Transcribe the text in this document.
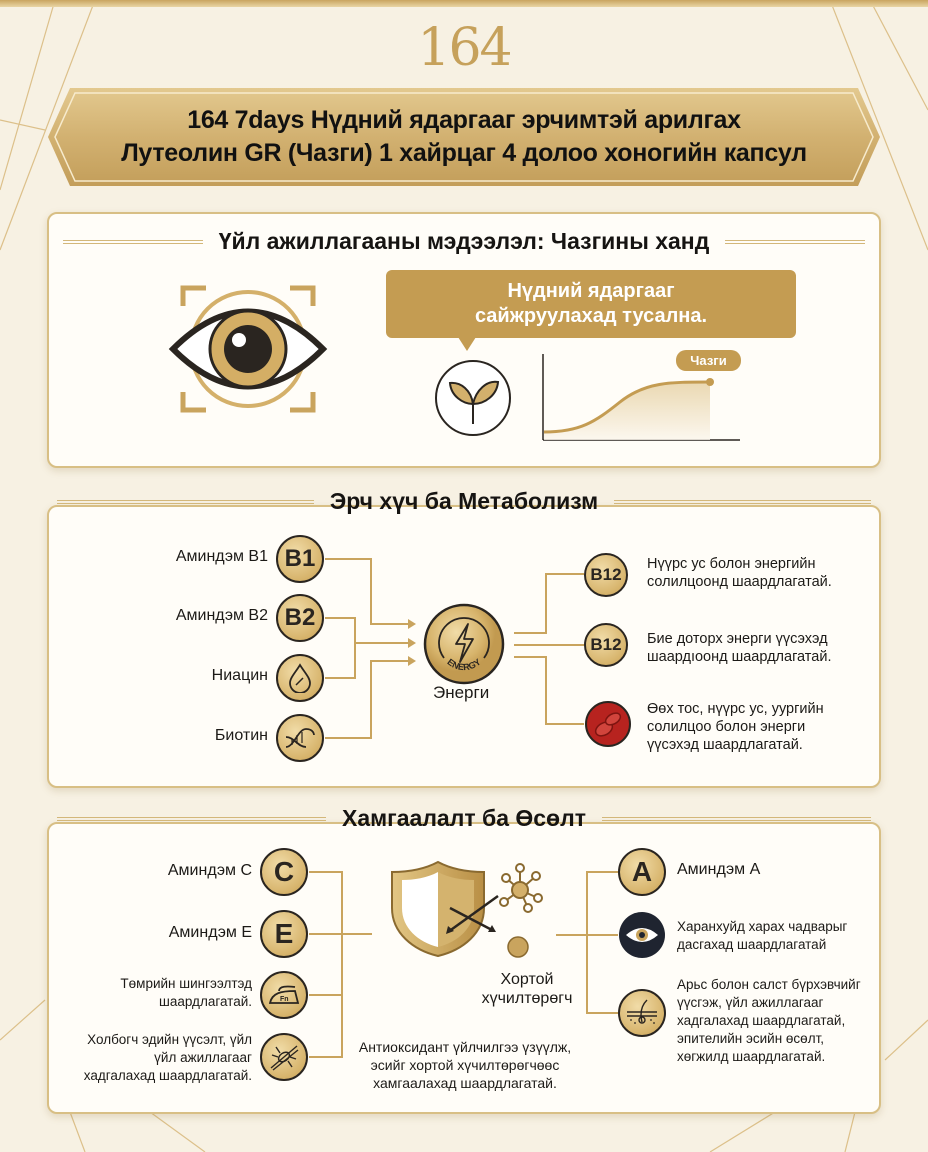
164
164 7days Нүдний ядаргааг эрчимтэй арилгах
Лутеолин GR (Чазги) 1 хайрцаг 4 долоо хоногийн капсул
Үйл ажиллагааны мэдээлэл: Чазгины ханд
Нүдний ядаргааг
сайжруулахад тусална.
Чазги
Эрч хүч ба Метаболизм
Аминдэм B1 B1
Аминдэм B2 B2
Ниацин
Биотин
ENERGY
Энерги
B12
Нүүрс ус болон энергийн
солилцоонд шаардлагатай.
B12	Бие доторх энерги үүсэхэд
шаардıоонд шаардлагатай.
Өөх тос, нүүрс ус, уургийн
солилцоо болон энерги
үүсэхэд шаардлагатай.
Хамгаалалт ба Өсөлт
Аминдэм C C
Аминдэм E E
Төмрийн шингээлтэд
шаардлагатай.	Fn
Холбогч эдийн үүсэлт, үйл
үйл ажиллагааг
хадгалахад шаардлагатай.
Хортой
хүчилтөрөгч
Антиоксидант үйлчилгээ үзүүлж,
эсийг хортой хүчилтөрөгчөөс
хамгаалахад шаардлагатай.
A	Аминдэм A
Харанхуйд харах чадварыг
дасгахад шаардлагатай
Арьс болон салст бүрхэвчийг
үүсгэж, үйл ажиллагааг
хадгалахад шаардлагатай,
эпителийн эсийн өсөлт,
хөгжилд шаардлагатай.
